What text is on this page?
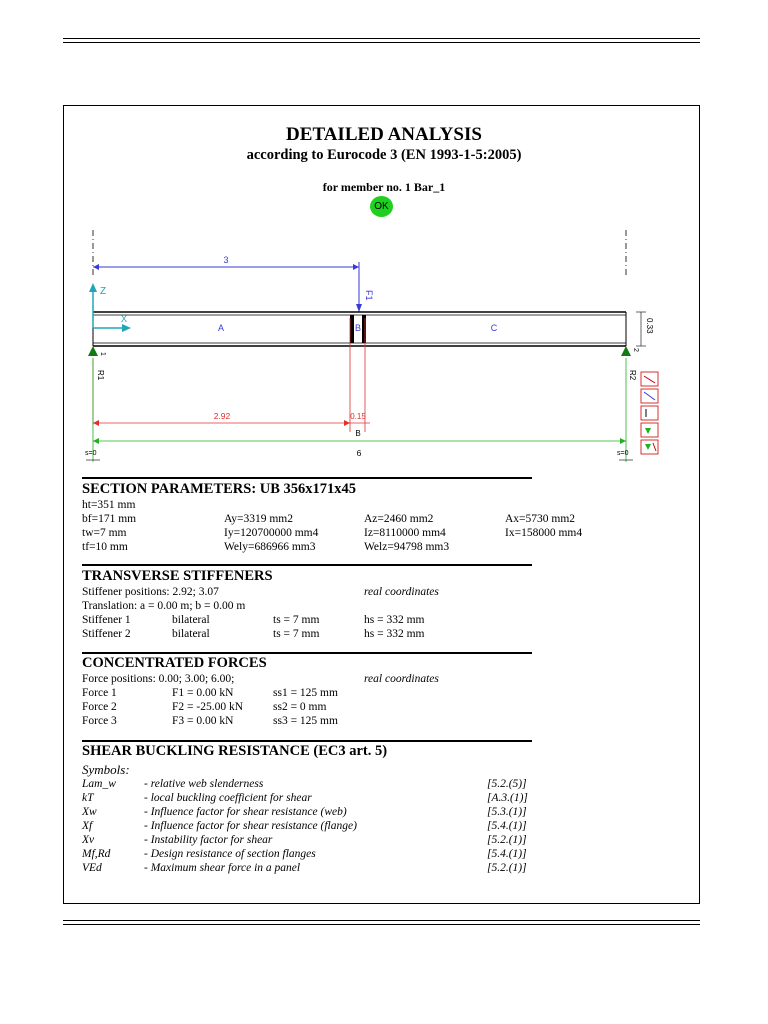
DETAILED ANALYSIS
according to Eurocode 3 (EN 1993-1-5:2005)
for member no. 1 Bar_1
OK
3
F1
A	B	C	0.33
Z
X
1
2
R1	R2
2.92	0.15
B
6
s=0	s=0
SECTION PARAMETERS: UB 356x171x45
ht=351 mm
bf=171 mm	Ay=3319 mm2	Az=2460 mm2	Ax=5730 mm2
tw=7 mm	Iy=120700000 mm4	Iz=8110000 mm4	Ix=158000 mm4
tf=10 mm	Wely=686966 mm3	Welz=94798 mm3
TRANSVERSE STIFFENERS
Stiffener positions: 2.92; 3.07	real coordinates
Translation: a = 0.00 m; b = 0.00 m
Stiffener 1	bilateral	ts = 7 mm	hs = 332 mm
Stiffener 2	bilateral	ts = 7 mm	hs = 332 mm
CONCENTRATED FORCES
Force positions: 0.00; 3.00; 6.00;	real coordinates
Force 1	F1 = 0.00 kN	ss1 = 125 mm
Force 2	F2 = -25.00 kN	ss2 = 0 mm
Force 3	F3 = 0.00 kN	ss3 = 125 mm
SHEAR BUCKLING RESISTANCE (EC3 art. 5)
Symbols:
Lam_w - relative web slenderness	[5.2.(5)]
kT	- local buckling coefficient for shear	[A.3.(1)]
Xw	- Influence factor for shear resistance (web)	[5.3.(1)]
Xf	- Influence factor for shear resistance (flange)	[5.4.(1)]
Xv	- Instability factor for shear	[5.2.(1)]
Mf,Rd	- Design resistance of section flanges	[5.4.(1)]
VEd	- Maximum shear force in a panel	[5.2.(1)]
